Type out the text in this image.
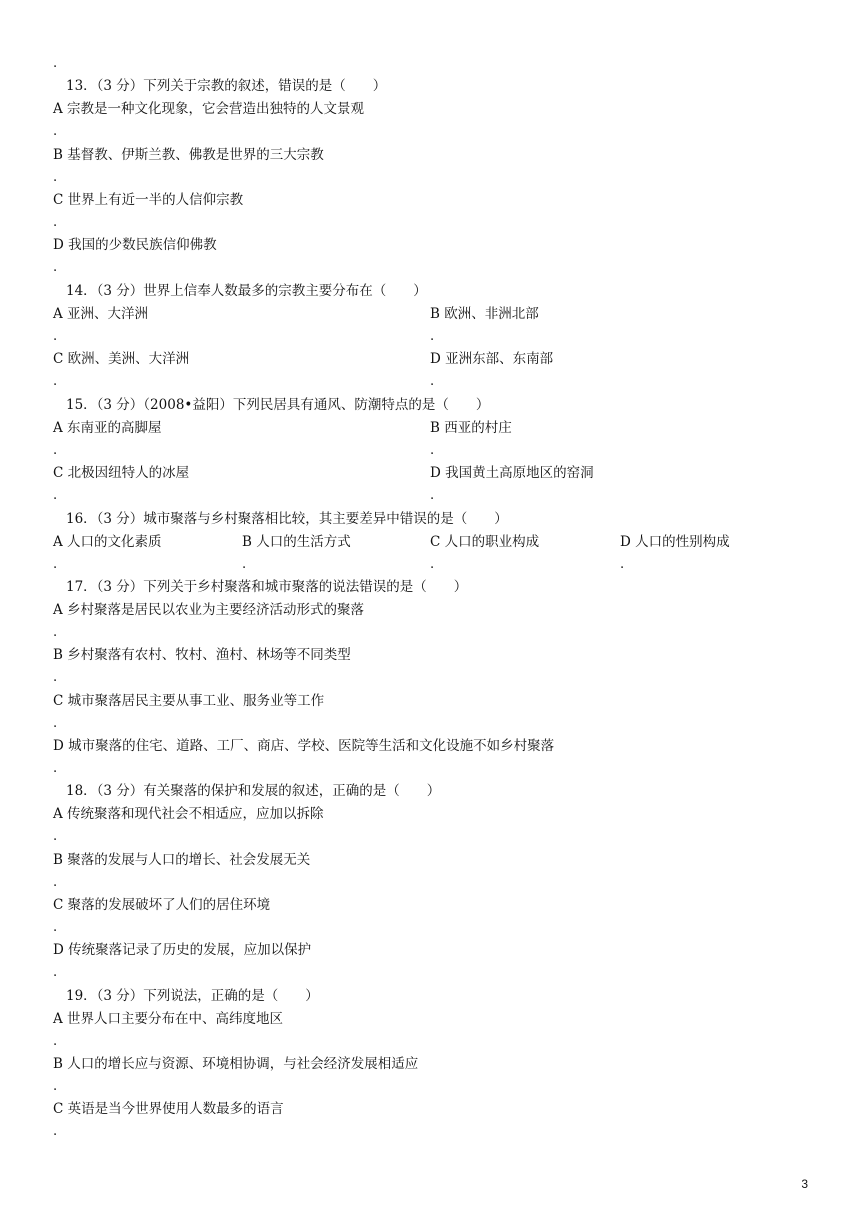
.
13．（3 分）下列关于宗教的叙述，错误的是（　　）
A 宗教是一种文化现象，它会营造出独特的人文景观
.
B 基督教、伊斯兰教、佛教是世界的三大宗教
.
C 世界上有近一半的人信仰宗教
.
D 我国的少数民族信仰佛教
.
14．（3 分）世界上信奉人数最多的宗教主要分布在（　　）
A 亚洲、大洋洲	B 欧洲、非洲北部
.	.
C 欧洲、美洲、大洋洲	D 亚洲东部、东南部
.	.
15．（3 分）（2008•益阳）下列民居具有通风、防潮特点的是（　　）
A 东南亚的高脚屋	B 西亚的村庄
.	.
C 北极因纽特人的冰屋	D 我国黄土高原地区的窑洞
.	.
16．（3 分）城市聚落与乡村聚落相比较，其主要差异中错误的是（　　）
A 人口的文化素质	B 人口的生活方式	C 人口的职业构成	D 人口的性别构成
.	.	.	.
17．（3 分）下列关于乡村聚落和城市聚落的说法错误的是（　　）
A 乡村聚落是居民以农业为主要经济活动形式的聚落
.
B 乡村聚落有农村、牧村、渔村、林场等不同类型
.
C 城市聚落居民主要从事工业、服务业等工作
.
D 城市聚落的住宅、道路、工厂、商店、学校、医院等生活和文化设施不如乡村聚落
.
18．（3 分）有关聚落的保护和发展的叙述，正确的是（　　）
A 传统聚落和现代社会不相适应，应加以拆除
.
B 聚落的发展与人口的增长、社会发展无关
.
C 聚落的发展破坏了人们的居住环境
.
D 传统聚落记录了历史的发展，应加以保护
.
19．（3 分）下列说法，正确的是（　　）
A 世界人口主要分布在中、高纬度地区
.
B 人口的增长应与资源、环境相协调，与社会经济发展相适应
.
C 英语是当今世界使用人数最多的语言
.
3
